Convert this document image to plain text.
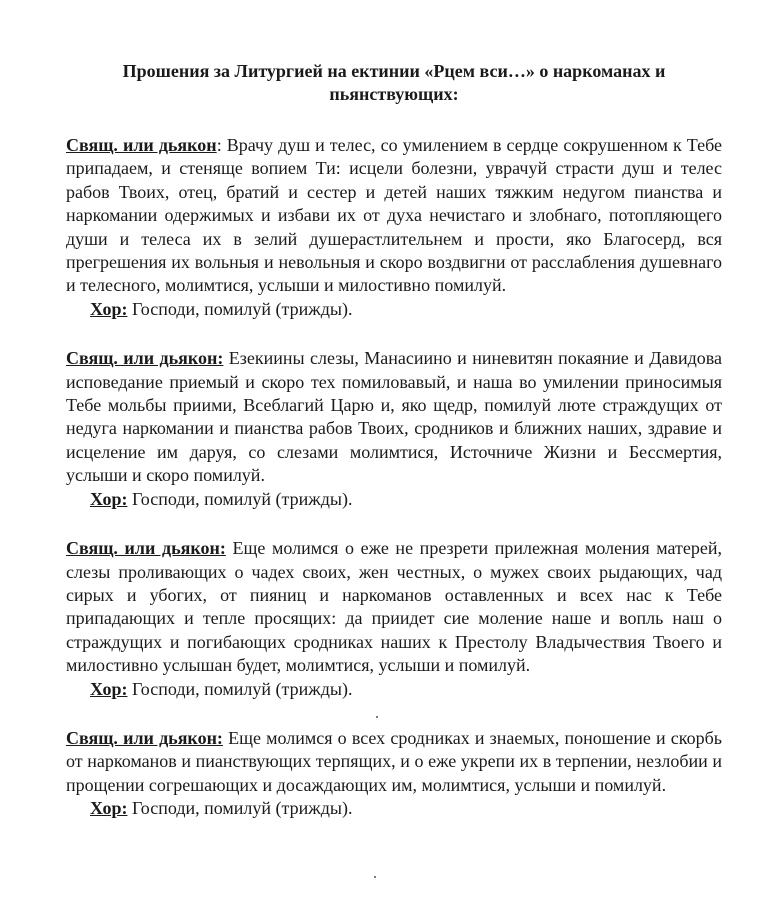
Прошения за Литургией на ектинии «Рцем вси…» о наркоманах и пьянствующих:

Свящ. или дьякон: Врачу душ и телес, со умилением в сердце сокрушенном к Тебе припадаем, и стеняще вопием Ти: исцели болезни, уврачуй страсти душ и телес рабов Твоих, отец, братий и сестер и детей наших тяжким недугом пианства и наркомании одержимых и избави их от духа нечистаго и злобнаго, потопляющего души и телеса их в зелий душерастлительнем и прости, яко Благосерд, вся прегрешения их вольныя и невольныя и скоро воздвигни от расслабления душевнаго и телесного, молимтися, услыши и милостивно помилуй.

Хор: Господи, помилуй (трижды).

Свящ. или дьякон: Езекиины слезы, Манасиино и ниневитян покаяние и Давидова исповедание приемый и скоро тех помиловавый, и наша во умилении приносимыя Тебе мольбы приими, Всеблагий Царю и, яко щедр, помилуй люте страждущих от недуга наркомании и пианства рабов Твоих, сродников и ближних наших, здравие и исцеление им даруя, со слезами молимтися, Источниче Жизни и Бессмертия, услыши и скоро помилуй.

Хор: Господи, помилуй (трижды).

Свящ. или дьякон: Еще молимся о еже не презрети прилежная моления матерей, слезы проливающих о чадех своих, жен честных, о мужех своих рыдающих, чад сирых и убогих, от пияниц и наркоманов оставленных и всех нас к Тебе припадающих и тепле просящих: да приидет сие моление наше и вопль наш о страждущих и погибающих сродниках наших к Престолу Владычествия Твоего и милостивно услышан будет, молимтися, услыши и помилуй.

Хор: Господи, помилуй (трижды).

Свящ. или дьякон: Еще молимся о всех сродниках и знаемых, поношение и скорбь от наркоманов и пианствующих терпящих, и о еже укрепи их в терпении, незлобии и прощении согрешающих и досаждающих им, молимтися, услыши и помилуй.

Хор: Господи, помилуй (трижды).
